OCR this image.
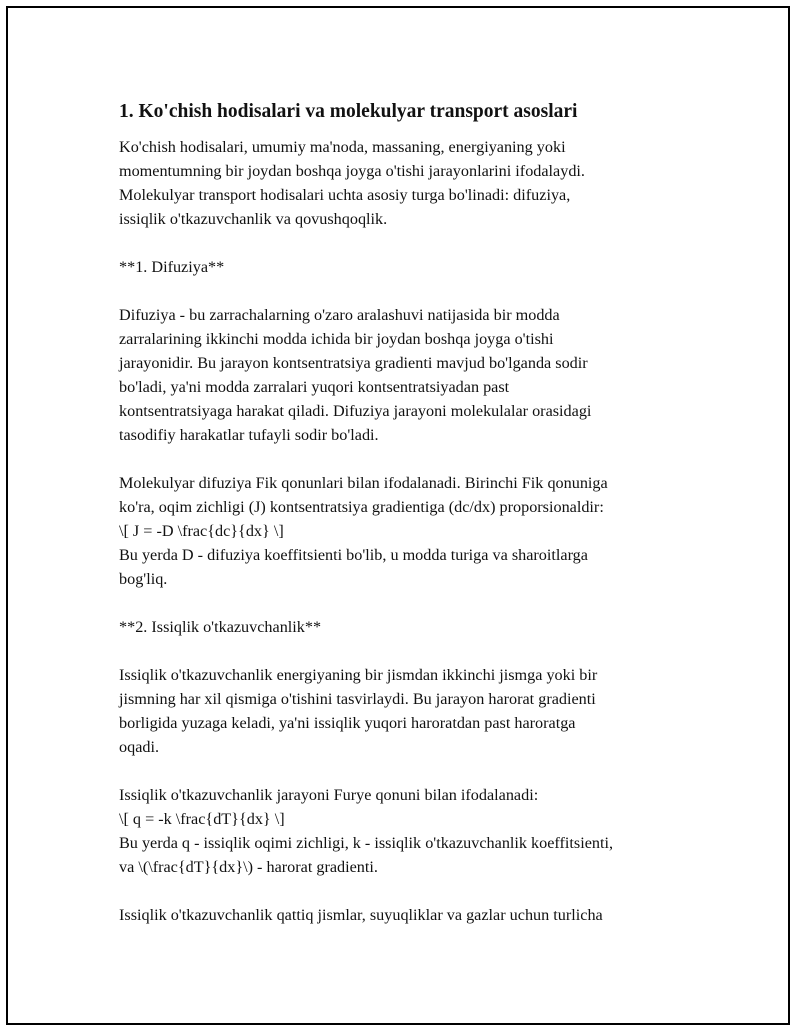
1. Ko'chish hodisalari va molekulyar transport asoslari

Ko'chish hodisalari, umumiy ma'noda, massaning, energiyaning yoki
momentumning bir joydan boshqa joyga o'tishi jarayonlarini ifodalaydi.
Molekulyar transport hodisalari uchta asosiy turga bo'linadi: difuziya,
issiqlik o'tkazuvchanlik va qovushqoqlik.

**1. Difuziya**

Difuziya - bu zarrachalarning o'zaro aralashuvi natijasida bir modda
zarralarining ikkinchi modda ichida bir joydan boshqa joyga o'tishi
jarayonidir. Bu jarayon kontsentratsiya gradienti mavjud bo'lganda sodir
bo'ladi, ya'ni modda zarralari yuqori kontsentratsiyadan past
kontsentratsiyaga harakat qiladi. Difuziya jarayoni molekulalar orasidagi
tasodifiy harakatlar tufayli sodir bo'ladi.

Molekulyar difuziya Fik qonunlari bilan ifodalanadi. Birinchi Fik qonuniga
ko'ra, oqim zichligi (J) kontsentratsiya gradientiga (dc/dx) proporsionaldir:
\[ J = -D \frac{dc}{dx} \]
Bu yerda D - difuziya koeffitsienti bo'lib, u modda turiga va sharoitlarga
bog'liq.

**2. Issiqlik o'tkazuvchanlik**

Issiqlik o'tkazuvchanlik energiyaning bir jismdan ikkinchi jismga yoki bir
jismning har xil qismiga o'tishini tasvirlaydi. Bu jarayon harorat gradienti
borligida yuzaga keladi, ya'ni issiqlik yuqori haroratdan past haroratga
oqadi.

Issiqlik o'tkazuvchanlik jarayoni Furye qonuni bilan ifodalanadi:
\[ q = -k \frac{dT}{dx} \]
Bu yerda q - issiqlik oqimi zichligi, k - issiqlik o'tkazuvchanlik koeffitsienti,
va \(\frac{dT}{dx}\) - harorat gradienti.

Issiqlik o'tkazuvchanlik qattiq jismlar, suyuqliklar va gazlar uchun turlicha
